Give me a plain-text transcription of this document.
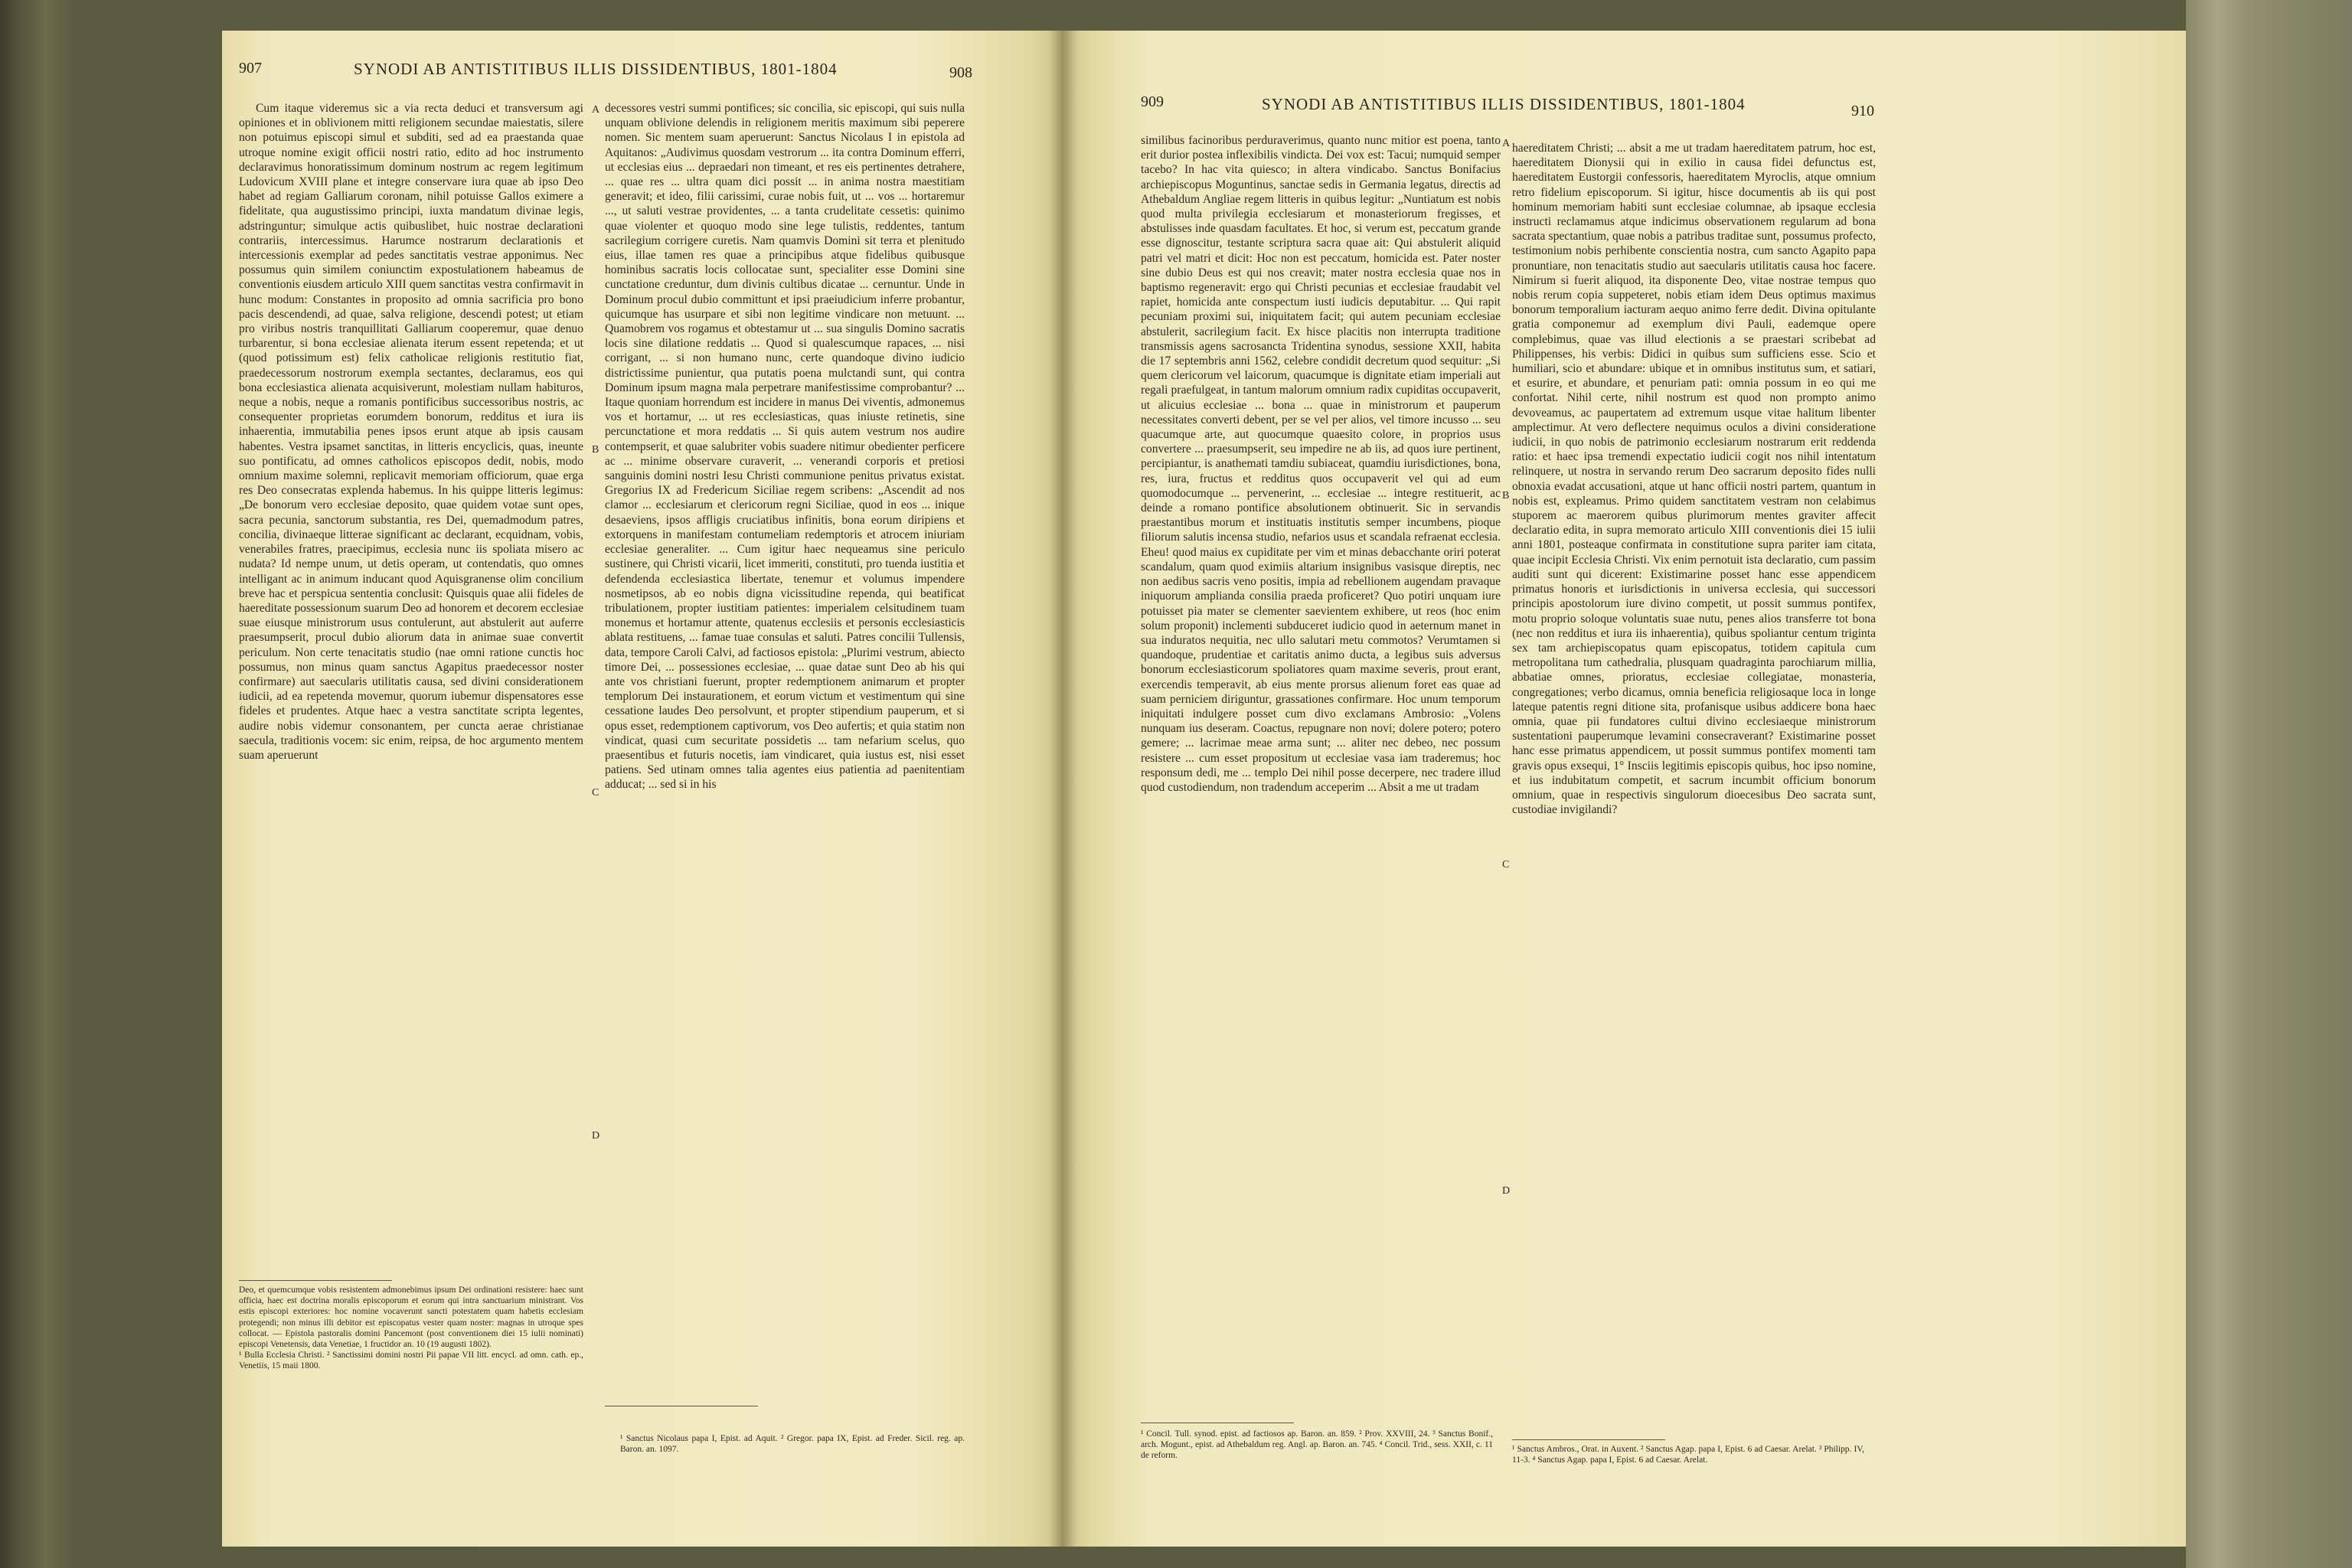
907	SYNODI AB ANTISTITIBUS ILLIS DISSIDENTIBUS, 1801-1804	908

Cum itaque videremus sic a via recta deduci et transversum agi opiniones et in oblivionem mitti religionem secundae maiestatis, silere non potuimus episcopi simul et subditi, sed ad ea praestanda quae utroque nomine exigit officii nostri ratio, edito ad hoc instrumento declaravimus honoratissimum dominum nostrum ac regem legitimum Ludovicum XVIII plane et integre conservare iura quae ab ipso Deo habet ad regiam Galliarum coronam, nihil potuisse Gallos eximere a fidelitate, qua augustissimo principi, iuxta mandatum divinae legis, adstringuntur; simulque actis quibuslibet, huic nostrae declarationi contrariis, intercessimus. Harumce nostrarum declarationis et intercessionis exemplar ad pedes sanctitatis vestrae apponimus. Nec possumus quin similem coniunctim expostulationem habeamus de conventionis eiusdem articulo XIII quem sanctitas vestra confirmavit in hunc modum: Constantes in proposito ad omnia sacrificia pro bono pacis descendendi, ad quae, salva religione, descendi potest; ut etiam pro viribus nostris tranquillitati Galliarum cooperemur, quae denuo turbarentur, si bona ecclesiae alienata iterum essent repetenda; et ut (quod potissimum est) felix catholicae religionis restitutio fiat, praedecessorum nostrorum exempla sectantes, declaramus, eos qui bona ecclesiastica alienata acquisiverunt, molestiam nullam habituros, neque a nobis, neque a romanis pontificibus successoribus nostris, ac consequenter proprietas eorumdem bonorum, redditus et iura iis inhaerentia, immutabilia penes ipsos erunt atque ab ipsis causam habentes. Vestra ipsamet sanctitas, in litteris encyclicis, quas, ineunte suo pontificatu, ad omnes catholicos episcopos dedit, nobis, modo omnium maxime solemni, replicavit memoriam officiorum, quae erga res Deo consecratas explenda habemus. In his quippe litteris legimus: „De bonorum vero ecclesiae deposito, quae quidem votae sunt opes, sacra pecunia, sanctorum substantia, res Dei, quemadmodum patres, concilia, divinaeque litterae significant ac declarant, ecquidnam, vobis, venerabiles fratres, praecipimus, ecclesia nunc iis spoliata misero ac nudata? Id nempe unum, ut detis operam, ut contendatis, quo omnes intelligant ac in animum inducant quod Aquisgranense olim concilium breve hac et perspicua sententia conclusit: Quisquis quae alii fideles de haereditate possessionum suarum Deo ad honorem et decorem ecclesiae suae eiusque ministrorum usus contulerunt, aut abstulerit aut auferre praesumpserit, procul dubio aliorum data in animae suae convertit periculum. Non certe tenacitatis studio (nae omni ratione cunctis hoc possumus, non minus quam sanctus Agapitus praedecessor noster confirmare) aut saecularis utilitatis causa, sed divini considerationem iudicii, ad ea repetenda movemur, quorum iubemur dispensatores esse fideles et prudentes. Atque haec a vestra sanctitate scripta legentes, audire nobis videmur consonantem, per cuncta aerae christianae saecula, traditionis vocem: sic enim, reipsa, de hoc argumento mentem suam aperuerunt

decessores vestri summi pontifices; sic concilia, sic episcopi, qui suis nulla unquam oblivione delendis in religionem meritis maximum sibi peperere nomen. Sic mentem suam aperuerunt: Sanctus Nicolaus I in epistola ad Aquitanos: „Audivimus quosdam vestrorum ... ita contra Dominum efferri, ut ecclesias eius ... depraedari non timeant, et res eis pertinentes detrahere, ... quae res ... ultra quam dici possit ... in anima nostra maestitiam generavit; et ideo, filii carissimi, curae nobis fuit, ut ... vos ... hortaremur ..., ut saluti vestrae providentes, ... a tanta crudelitate cessetis: quinimo quae violenter et quoquo modo sine lege tulistis, reddentes, tantum sacrilegium corrigere curetis. Nam quamvis Domini sit terra et plenitudo eius, illae tamen res quae a principibus atque fidelibus quibusque hominibus sacratis locis collocatae sunt, specialiter esse Domini sine cunctatione creduntur, dum divinis cultibus dicatae ... cernuntur. Unde in Dominum procul dubio committunt et ipsi praeiudicium inferre probantur, quicumque has usurpare et sibi non legitime vindicare non metuunt. ... Quamobrem vos rogamus et obtestamur ut ... sua singulis Domino sacratis locis sine dilatione reddatis ... Quod si qualescumque rapaces, ... nisi corrigant, ... si non humano nunc, certe quandoque divino iudicio districtissime punientur, qua putatis poena mulctandi sunt, qui contra Dominum ipsum magna mala perpetrare manifestissime comprobantur? ... Itaque quoniam horrendum est incidere in manus Dei viventis, admonemus vos et hortamur, ... ut res ecclesiasticas, quas iniuste retinetis, sine percunctatione et mora reddatis ... Si quis autem vestrum nos audire contempserit, et quae salubriter vobis suadere nitimur obedienter perficere ac ... minime observare curaverit, ... venerandi corporis et pretiosi sanguinis domini nostri Iesu Christi communione penitus privatus existat. Gregorius IX ad Fredericum Siciliae regem scribens: „Ascendit ad nos clamor ... ecclesiarum et clericorum regni Siciliae, quod in eos ... inique desaeviens, ipsos affligis cruciatibus infinitis, bona eorum diripiens et extorquens in manifestam contumeliam redemptoris et atrocem iniuriam ecclesiae generaliter. ... Cum igitur haec nequeamus sine periculo sustinere, qui Christi vicarii, licet immeriti, constituti, pro tuenda iustitia et defendenda ecclesiastica libertate, tenemur et volumus impendere nosmetipsos, ab eo nobis digna vicissitudine rependa, qui beatificat tribulationem, propter iustitiam patientes: imperialem celsitudinem tuam monemus et hortamur attente, quatenus ecclesiis et personis ecclesiasticis ablata restituens, ... famae tuae consulas et saluti. Patres concilii Tullensis, data, tempore Caroli Calvi, ad factiosos epistola: „Plurimi vestrum, abiecto timore Dei, ... possessiones ecclesiae, ... quae datae sunt Deo ab his qui ante vos christiani fuerunt, propter redemptionem animarum et propter templorum Dei instaurationem, et eorum victum et vestimentum qui sine cessatione laudes Deo persolvunt, et propter stipendium pauperum, et si opus esset, redemptionem captivorum, vos Deo aufertis; et quia statim non vindicat, quasi cum securitate possidetis ... tam nefarium scelus, quo praesentibus et futuris nocetis, iam vindicaret, quia iustus est, nisi esset patiens. Sed utinam omnes talia agentes eius patientia ad paenitentiam adducat; ... sed si in his

A
B
C
D

Deo, et quemcumque vobis resistentem admonebimus ipsum Dei ordinationi resistere: haec sunt officia, haec est doctrina moralis episcoporum et eorum qui intra sanctuarium ministrant. Vos estis episcopi exteriores: hoc nomine vocaverunt sancti potestatem quam habetis ecclesiam protegendi; non minus illi debitor est episcopatus vester quam noster: magnas in utroque spes collocat. — Epistola pastoralis domini Pancemont (post conventionem diei 15 iulii nominati) episcopi Venetensis, data Venetiae, 1 fructidor an. 10 (19 augusti 1802).

¹ Bulla Ecclesia Christi. ² Sanctissimi domini nostri Pii papae VII litt. encycl. ad omn. cath. ep., Venetiis, 15 maii 1800.

¹ Sanctus Nicolaus papa I, Epist. ad Aquit. ² Gregor. papa IX, Epist. ad Freder. Sicil. reg. ap. Baron. an. 1097.

909	SYNODI AB ANTISTITIBUS ILLIS DISSIDENTIBUS, 1801-1804	910

similibus facinoribus perduraverimus, quanto nunc mitior est poena, tanto erit durior postea inflexibilis vindicta. Dei vox est: Tacui; numquid semper tacebo? In hac vita quiesco; in altera vindicabo. Sanctus Bonifacius archiepiscopus Moguntinus, sanctae sedis in Germania legatus, directis ad Athebaldum Angliae regem litteris in quibus legitur: „Nuntiatum est nobis quod multa privilegia ecclesiarum et monasteriorum fregisses, et abstulisses inde quasdam facultates. Et hoc, si verum est, peccatum grande esse dignoscitur, testante scriptura sacra quae ait: Qui abstulerit aliquid patri vel matri et dicit: Hoc non est peccatum, homicida est. Pater noster sine dubio Deus est qui nos creavit; mater nostra ecclesia quae nos in baptismo regeneravit: ergo qui Christi pecunias et ecclesiae fraudabit vel rapiet, homicida ante conspectum iusti iudicis deputabitur. ... Qui rapit pecuniam proximi sui, iniquitatem facit; qui autem pecuniam ecclesiae abstulerit, sacrilegium facit. Ex hisce placitis non interrupta traditione transmissis agens sacrosancta Tridentina synodus, sessione XXII, habita die 17 septembris anni 1562, celebre condidit decretum quod sequitur: „Si quem clericorum vel laicorum, quacumque is dignitate etiam imperiali aut regali praefulgeat, in tantum malorum omnium radix cupiditas occupaverit, ut alicuius ecclesiae ... bona ... quae in ministrorum et pauperum necessitates converti debent, per se vel per alios, vel timore incusso ... seu quacumque arte, aut quocumque quaesito colore, in proprios usus convertere ... praesumpserit, seu impedire ne ab iis, ad quos iure pertinent, percipiantur, is anathemati tamdiu subiaceat, quamdiu iurisdictiones, bona, res, iura, fructus et redditus quos occupaverit vel qui ad eum quomodocumque ... pervenerint, ... ecclesiae ... integre restituerit, ac deinde a romano pontifice absolutionem obtinuerit. Sic in servandis praestantibus morum et instituatis institutis semper incumbens, pioque filiorum salutis incensa studio, nefarios usus et scandala refraenat ecclesia. Eheu! quod maius ex cupiditate per vim et minas debacchante oriri poterat scandalum, quam quod eximiis altarium insignibus vasisque direptis, nec non aedibus sacris veno positis, impia ad rebellionem augendam pravaque iniquorum amplianda consilia praeda proficeret? Quo potiri unquam iure potuisset pia mater se clementer saevientem exhibere, ut reos (hoc enim solum proponit) inclementi subduceret iudicio quod in aeternum manet in sua induratos nequitia, nec ullo salutari metu commotos? Verumtamen si quandoque, prudentiae et caritatis animo ducta, a legibus suis adversus bonorum ecclesiasticorum spoliatores quam maxime severis, prout erant, exercendis temperavit, ab eius mente prorsus alienum foret eas quae ad suam perniciem diriguntur, grassationes confirmare. Hoc unum temporum iniquitati indulgere posset cum divo exclamans Ambrosio: „Volens nunquam ius deseram. Coactus, repugnare non novi; dolere potero; potero gemere; ... lacrimae meae arma sunt; ... aliter nec debeo, nec possum resistere ... cum esset propositum ut ecclesiae vasa iam traderemus; hoc responsum dedi, me ... templo Dei nihil posse decerpere, nec tradere illud quod custodiendum, non tradendum acceperim ... Absit a me ut tradam

haereditatem Christi; ... absit a me ut tradam haereditatem patrum, hoc est, haereditatem Dionysii qui in exilio in causa fidei defunctus est, haereditatem Eustorgii confessoris, haereditatem Myroclis, atque omnium retro fidelium episcoporum. Si igitur, hisce documentis ab iis qui post hominum memoriam habiti sunt ecclesiae columnae, ab ipsaque ecclesia instructi reclamamus atque indicimus observationem regularum ad bona sacrata spectantium, quae nobis a patribus traditae sunt, possumus profecto, testimonium nobis perhibente conscientia nostra, cum sancto Agapito papa pronuntiare, non tenacitatis studio aut saecularis utilitatis causa hoc facere. Nimirum si fuerit aliquod, ita disponente Deo, vitae nostrae tempus quo nobis rerum copia suppeteret, nobis etiam idem Deus optimus maximus bonorum temporalium iacturam aequo animo ferre dedit. Divina opitulante gratia componemur ad exemplum divi Pauli, eademque opere complebimus, quae vas illud electionis a se praestari scribebat ad Philippenses, his verbis: Didici in quibus sum sufficiens esse. Scio et humiliari, scio et abundare: ubique et in omnibus institutus sum, et satiari, et esurire, et abundare, et penuriam pati: omnia possum in eo qui me confortat. Nihil certe, nihil nostrum est quod non prompto animo devoveamus, ac paupertatem ad extremum usque vitae halitum libenter amplectimur. At vero deflectere nequimus oculos a divini considerationе iudicii, in quo nobis de patrimonio ecclesiarum nostrarum erit reddenda ratio: et haec ipsa tremendi expectatio iudicii cogit nos nihil intentatum relinquere, ut nostra in servando rerum Deo sacrarum deposito fides nulli obnoxia evadat accusationi, atque ut hanc officii nostri partem, quantum in nobis est, expleamus. Primo quidem sanctitatem vestram non celabimus stuporem ac maerorem quibus plurimorum mentes graviter affecit declaratio edita, in supra memorato articulo XIII conventionis diei 15 iulii anni 1801, posteaque confirmata in constitutione supra pariter iam citata, quae incipit Ecclesia Christi. Vix enim pernotuit ista declaratio, cum passim auditi sunt qui dicerent: Existimarine posset hanc esse appendicem primatus honoris et iurisdictionis in universa ecclesia, qui successori principis apostolorum iure divino competit, ut possit summus pontifex, motu proprio soloque voluntatis suae nutu, penes alios transferre tot bona (nec non redditus et iura iis inhaerentia), quibus spoliantur centum triginta sex tam archiepiscopatus quam episcopatus, totidem capitula cum metropolitana tum cathedralia, plusquam quadraginta parochiarum millia, abbatiae omnes, prioratus, ecclesiae collegiatae, monasteria, congregationes; verbo dicamus, omnia beneficia religiosaque loca in longe lateque patentis regni ditione sita, profanisque usibus addicere bona haec omnia, quae pii fundatores cultui divino ecclesiaeque ministrorum sustentationi pauperumque levamini consecraverant? Existimarine posset hanc esse primatus appendicem, ut possit summus pontifex momenti tam gravis opus exsequi, 1° Insciis legitimis episcopis quibus, hoc ipso nomine, et ius indubitatum competit, et sacrum incumbit officium bonorum omnium, quae in respectivis singulorum dioecesibus Deo sacrata sunt, custodiae invigilandi?

A
B
C
D

¹ Concil. Tull. synod. epist. ad factiosos ap. Baron. an. 859. ² Prov. XXVIII, 24. ³ Sanctus Bonif., arch. Mogunt., epist. ad Athebaldum reg. Angl. ap. Baron. an. 745. ⁴ Concil. Trid., sess. XXII, c. 11 de reform.

¹ Sanctus Ambros., Orat. in Auxent. ² Sanctus Agap. papa I, Epist. 6 ad Caesar. Arelat. ³ Philipp. IV, 11-3. ⁴ Sanctus Agap. papa I, Epist. 6 ad Caesar. Arelat.
